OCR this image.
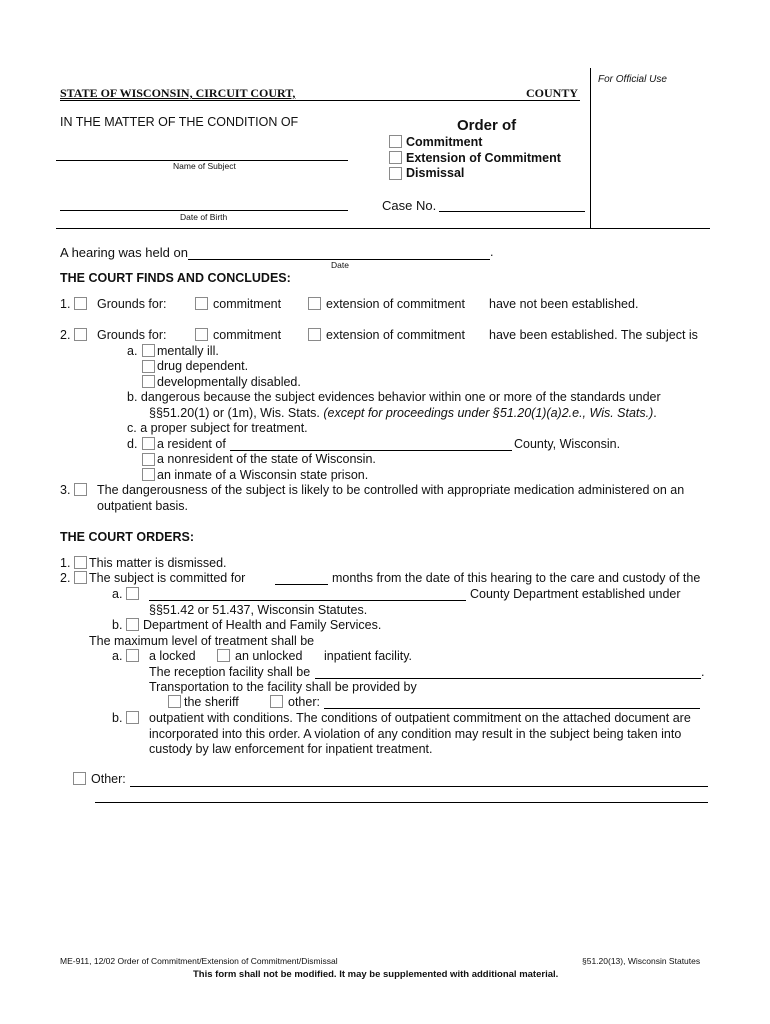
For Official Use
STATE OF WISCONSIN, CIRCUIT COURT,	COUNTY
IN THE MATTER OF THE CONDITION OF
Name of Subject
Date of Birth
Order of
Commitment
Extension of Commitment
Dismissal
Case No.
A hearing was held on	.
Date
THE COURT FINDS AND CONCLUDES:
1. Grounds for:	commitment	extension of commitment have not been established.
2. Grounds for:	commitment	extension of commitment have been established. The subject is
a. mentally ill.
drug dependent.
developmentally disabled.
b. dangerous because the subject evidences behavior within one or more of the standards under
§§51.20(1) or (1m), Wis. Stats. (except for proceedings under §51.20(1)(a)2.e., Wis. Stats.).
c. a proper subject for treatment.
d. a resident of	County, Wisconsin.
a nonresident of the state of Wisconsin.
an inmate of a Wisconsin state prison.
3. The dangerousness of the subject is likely to be controlled with appropriate medication administered on an
outpatient basis.
THE COURT ORDERS:
1. This matter is dismissed.
2. The subject is committed for	months from the date of this hearing to the care and custody of the
a.	County Department established under
§§51.42 or 51.437, Wisconsin Statutes.
b. Department of Health and Family Services.
The maximum level of treatment shall be
a. a locked	an unlocked inpatient facility.
The reception facility shall be	.
Transportation to the facility shall be provided by
the sheriff	other:
b. outpatient with conditions. The conditions of outpatient commitment on the attached document are
incorporated into this order. A violation of any condition may result in the subject being taken into
custody by law enforcement for inpatient treatment.
Other:
ME-911, 12/02 Order of Commitment/Extension of Commitment/Dismissal	§51.20(13), Wisconsin Statutes
This form shall not be modified. It may be supplemented with additional material.
